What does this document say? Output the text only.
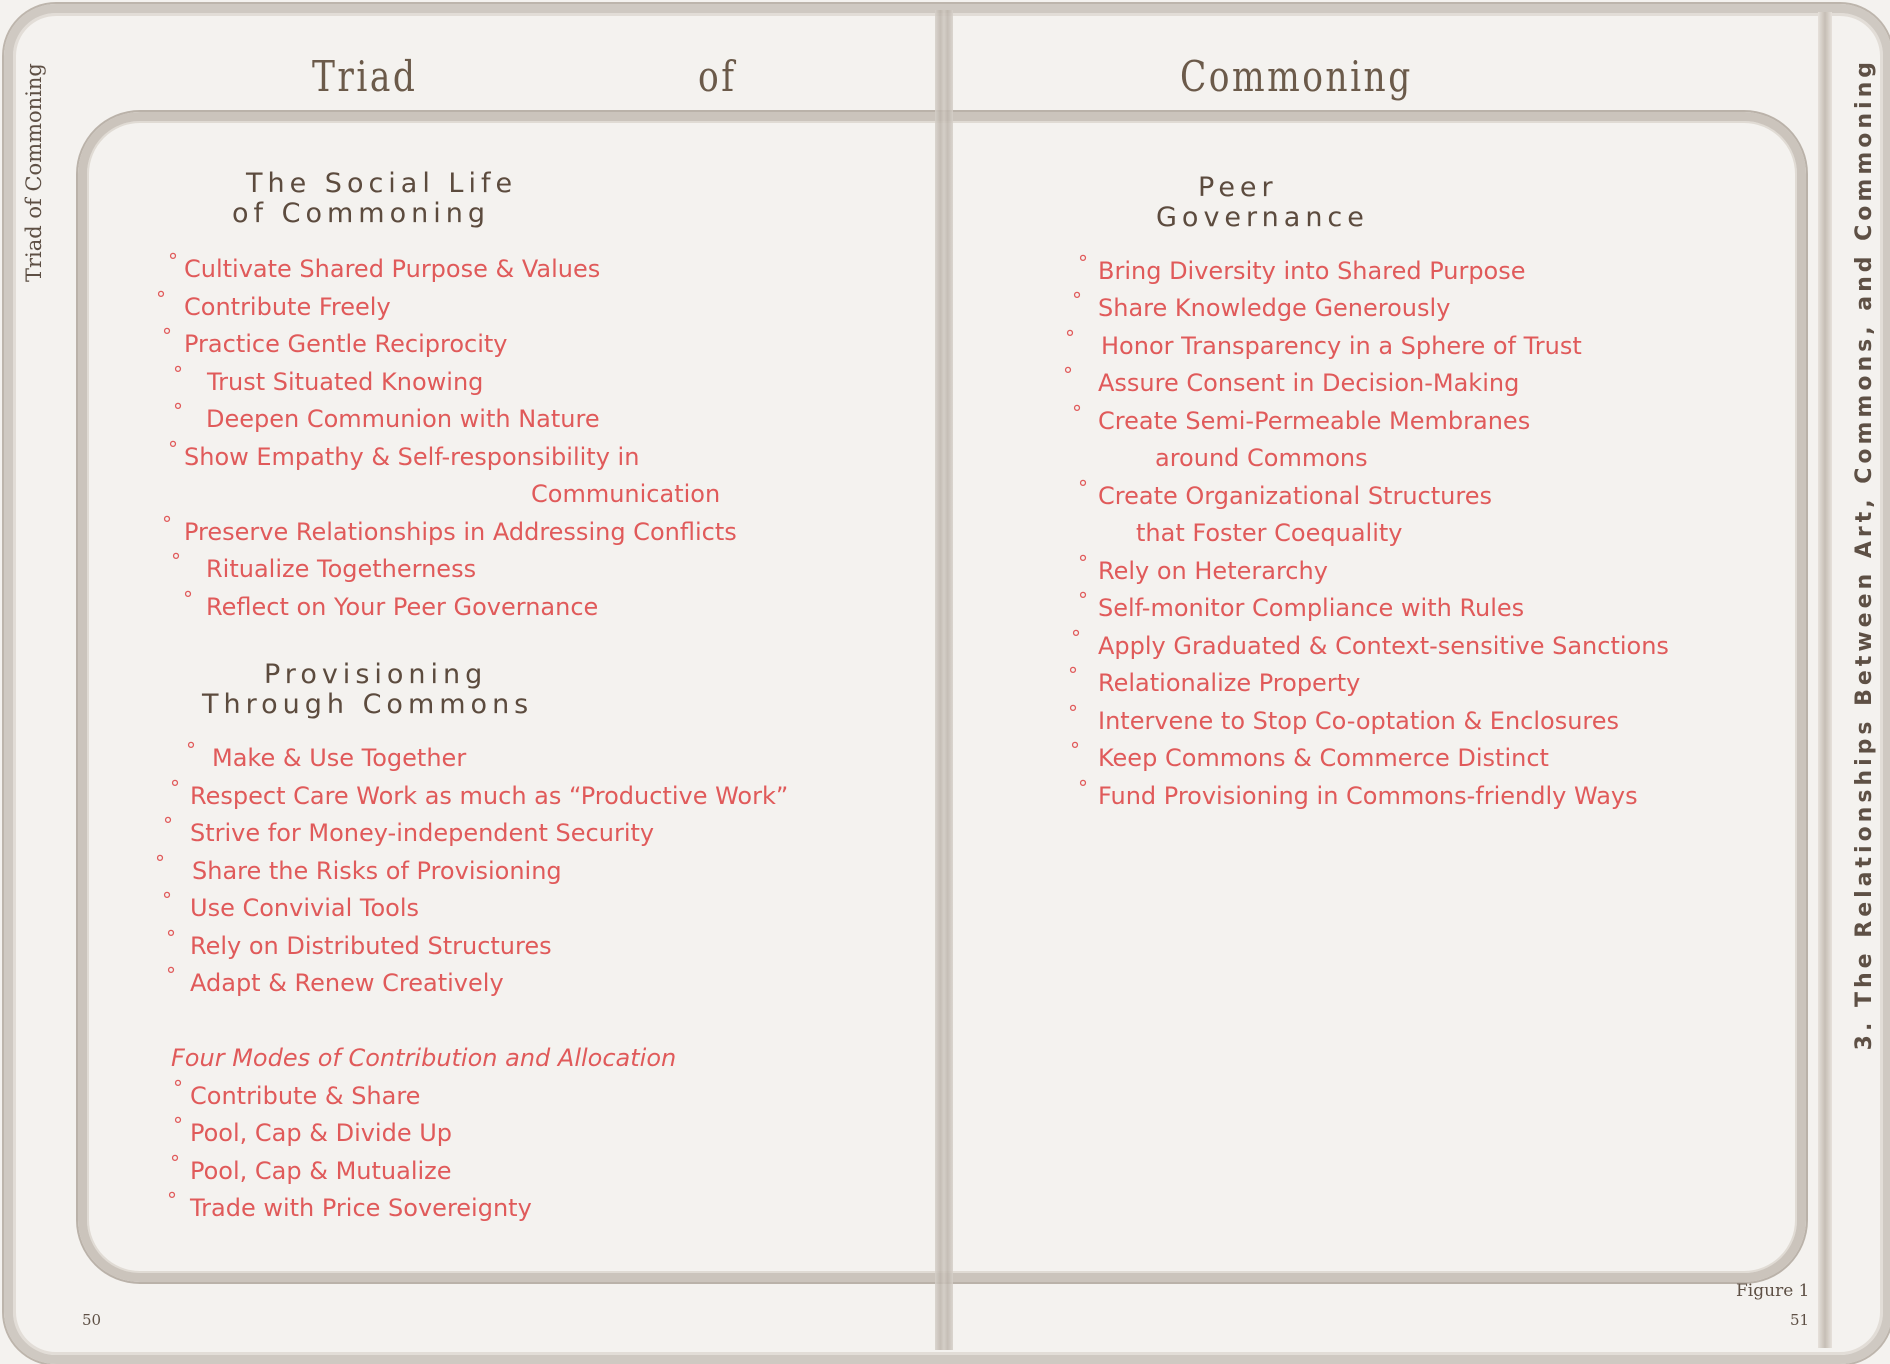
Triad	of	Commoning
Triad of Commoning	3. The Relationships Between Art, Commons, and Commoning
The Social Life
of Commoning
° Cultivate Shared Purpose & Values
° Contribute Freely
° Practice Gentle Reciprocity
° Trust Situated Knowing
° Deepen Communion with Nature
° Show Empathy & Self-responsibility in
Communication
° Preserve Relationships in Addressing Conflicts
° Ritualize Togetherness
° Reflect on Your Peer Governance
Provisioning
Through Commons
° Make & Use Together
° Respect Care Work as much as “Productive Work”
° Strive for Money-independent Security
° Share the Risks of Provisioning
° Use Convivial Tools
° Rely on Distributed Structures
° Adapt & Renew Creatively
Four Modes of Contribution and Allocation
° Contribute & Share
° Pool, Cap & Divide Up
° Pool, Cap & Mutualize
° Trade with Price Sovereignty
Peer
Governance
° Bring Diversity into Shared Purpose
° Share Knowledge Generously
° Honor Transparency in a Sphere of Trust
° Assure Consent in Decision-Making
° Create Semi-Permeable Membranes
around Commons
° Create Organizational Structures
that Foster Coequality
° Rely on Heterarchy
° Self-monitor Compliance with Rules
° Apply Graduated & Context-sensitive Sanctions
° Relationalize Property
° Intervene to Stop Co-optation & Enclosures
° Keep Commons & Commerce Distinct
° Fund Provisioning in Commons-friendly Ways
50	51
Figure 1
